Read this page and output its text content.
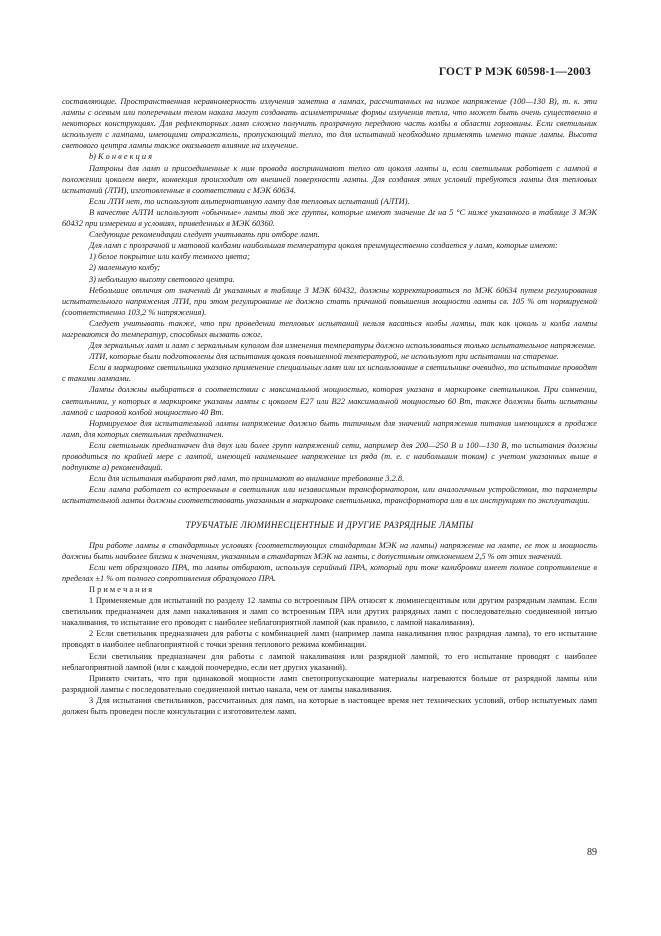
ГОСТ Р МЭК 60598-1—2003

составляющие. Пространственная неравномерность излучения заметна в лампах, рассчитанных на низкое напряжение (100—130 В), т. к. эти лампы с осевым или поперечным телом накала могут создавать асимметричные формы излучения тепла, что может быть очень существенно в некоторых конструкциях. Для рефлекторных ламп сложно получить прозрачную переднюю часть колбы в области горловины. Если светильник использует с лампами, имеющими отражатель, пропускающий тепло, то для испытаний необходимо применять именно такие лампы. Высота светового центра лампы также оказывает влияние на излучение.

b) К о н в е к ц и я

Патроны для ламп и присоединенные к ним провода воспринимают тепло от цоколя лампы и, если светильник работает с лампой в положении цоколем вверх, конвекция происходит от внешней поверхности лампы. Для создания этих условий требуются лампы для тепловых испытаний (ЛТИ), изготовленные в соответствии с МЭК 60634.

Если ЛТИ нет, то используют альтернативную лампу для тепловых испытаний (АЛТИ).

В качестве АЛТИ используют «обычные» лампы той же группы, которые имеют значение Δt на 5 °С ниже указанного в таблице 3 МЭК 60432 при измерении в условиях, приведенных в МЭК 60360.

Следующие рекомендации следует учитывать при отборе ламп.

Для ламп с прозрачной и матовой колбами наибольшая температура цоколя преимущественно создается у ламп, которые имеют:

1) белое покрытие или колбу темного цвета;

2) маленькую колбу;

3) небольшую высоту светового центра.

Небольшие отличия от значений Δt указанных в таблице 3 МЭК 60432, должны корректироваться по МЭК 60634 путем регулирования испытательного напряжения ЛТИ, при этом регулирование не должно стать причиной повышения мощности лампы св. 105 % от нормируемой (соответственно 103,2 % напряжения).

Следует учитывать также, что при проведении тепловых испытаний нельзя касаться колбы лампы, так как цоколь и колба лампы нагреваются до температур, способных вызвать ожог.

Для зеркальных ламп и ламп с зеркальным куполом для изменения температуры должно использоваться только испытательное напряжение.

ЛТИ, которые были подготовлены для испытания цоколя повышенной температурой, не используют при испытании на старение.

Если в маркировке светильника указано применение специальных ламп или их использование в светильнике очевидно, то испытание проводят с такими лампами.

Лампы должны выбираться в соответствии с максимальной мощностью, которая указана в маркировке светильников. При сомнении, светильники, у которых в маркировке указаны лампы с цоколем Е27 или В22 максимальной мощностью 60 Вт, также должны быть испытаны лампой с шаровой колбой мощностью 40 Вт.

Нормируемое для испытательной лампы напряжение должно быть типичным для значений напряжения питания имеющихся в продаже ламп, для которых светильник предназначен.

Если светильник предназначен для двух или более групп напряжений сети, например для 200—250 В и 100—130 В, то испытания должны проводиться по крайней мере с лампой, имеющей наименьшее напряжение из ряда (т. е. с наибольшим током) с учетом указанных выше в подпункте а) рекомендаций.

Если для испытания выбирают ряд ламп, то принимают во внимание требование 3.2.8.

Если лампа работает со встроенным в светильник или независимым трансформатором, или аналогичным устройством, то параметры испытательной лампы должны соответствовать указанным в маркировке светильника, трансформатора или в их инструкциях по эксплуатации.

ТРУБЧАТЫЕ ЛЮМИНЕСЦЕНТНЫЕ И ДРУГИЕ РАЗРЯДНЫЕ ЛАМПЫ

При работе лампы в стандартных условиях (соответствующих стандартам МЭК на лампы) напряжение на лампе, ее ток и мощность должны быть наиболее близки к значениям, указанным в стандартах МЭК на лампы, с допустимым отклонением 2,5 % от этих значений.

Если нет образцового ПРА, то лампы отбирают, используя серийный ПРА, который при токе калибровки имеет полное сопротивление в пределах ±1 % от полного сопротивления образцового ПРА.

П р и м е ч а н и я

1 Применяемые для испытаний по разделу 12 лампы со встроенным ПРА относят к люминесцентным или другим разрядным лампам. Если светильник предназначен для ламп накаливания и ламп со встроенным ПРА или других разрядных ламп с последовательно соединенной нитью накаливания, то испытание его проводят с наиболее неблагоприятной лампой (как правило, с лампой накаливания).

2 Если светильник предназначен для работы с комбинацией ламп (например лампа накаливания плюс разрядная лампа), то его испытание проводят в наиболее неблагоприятной с точки зрения теплового режима комбинации.

Если светильник предназначен для работы с лампой накаливания или разрядной лампой, то его испытание проводят с наиболее неблагоприятной лампой (или с каждой поочередно, если нет других указаний).

Принято считать, что при одинаковой мощности ламп светопропускающие материалы нагреваются больше от разрядной лампы или разрядной лампы с последовательно соединенной нитью накала, чем от лампы накаливания.

3 Для испытания светильников, рассчитанных для ламп, на которые в настоящее время нет технических условий, отбор испытуемых ламп должен быть проведен после консультации с изготовителем ламп.

89
